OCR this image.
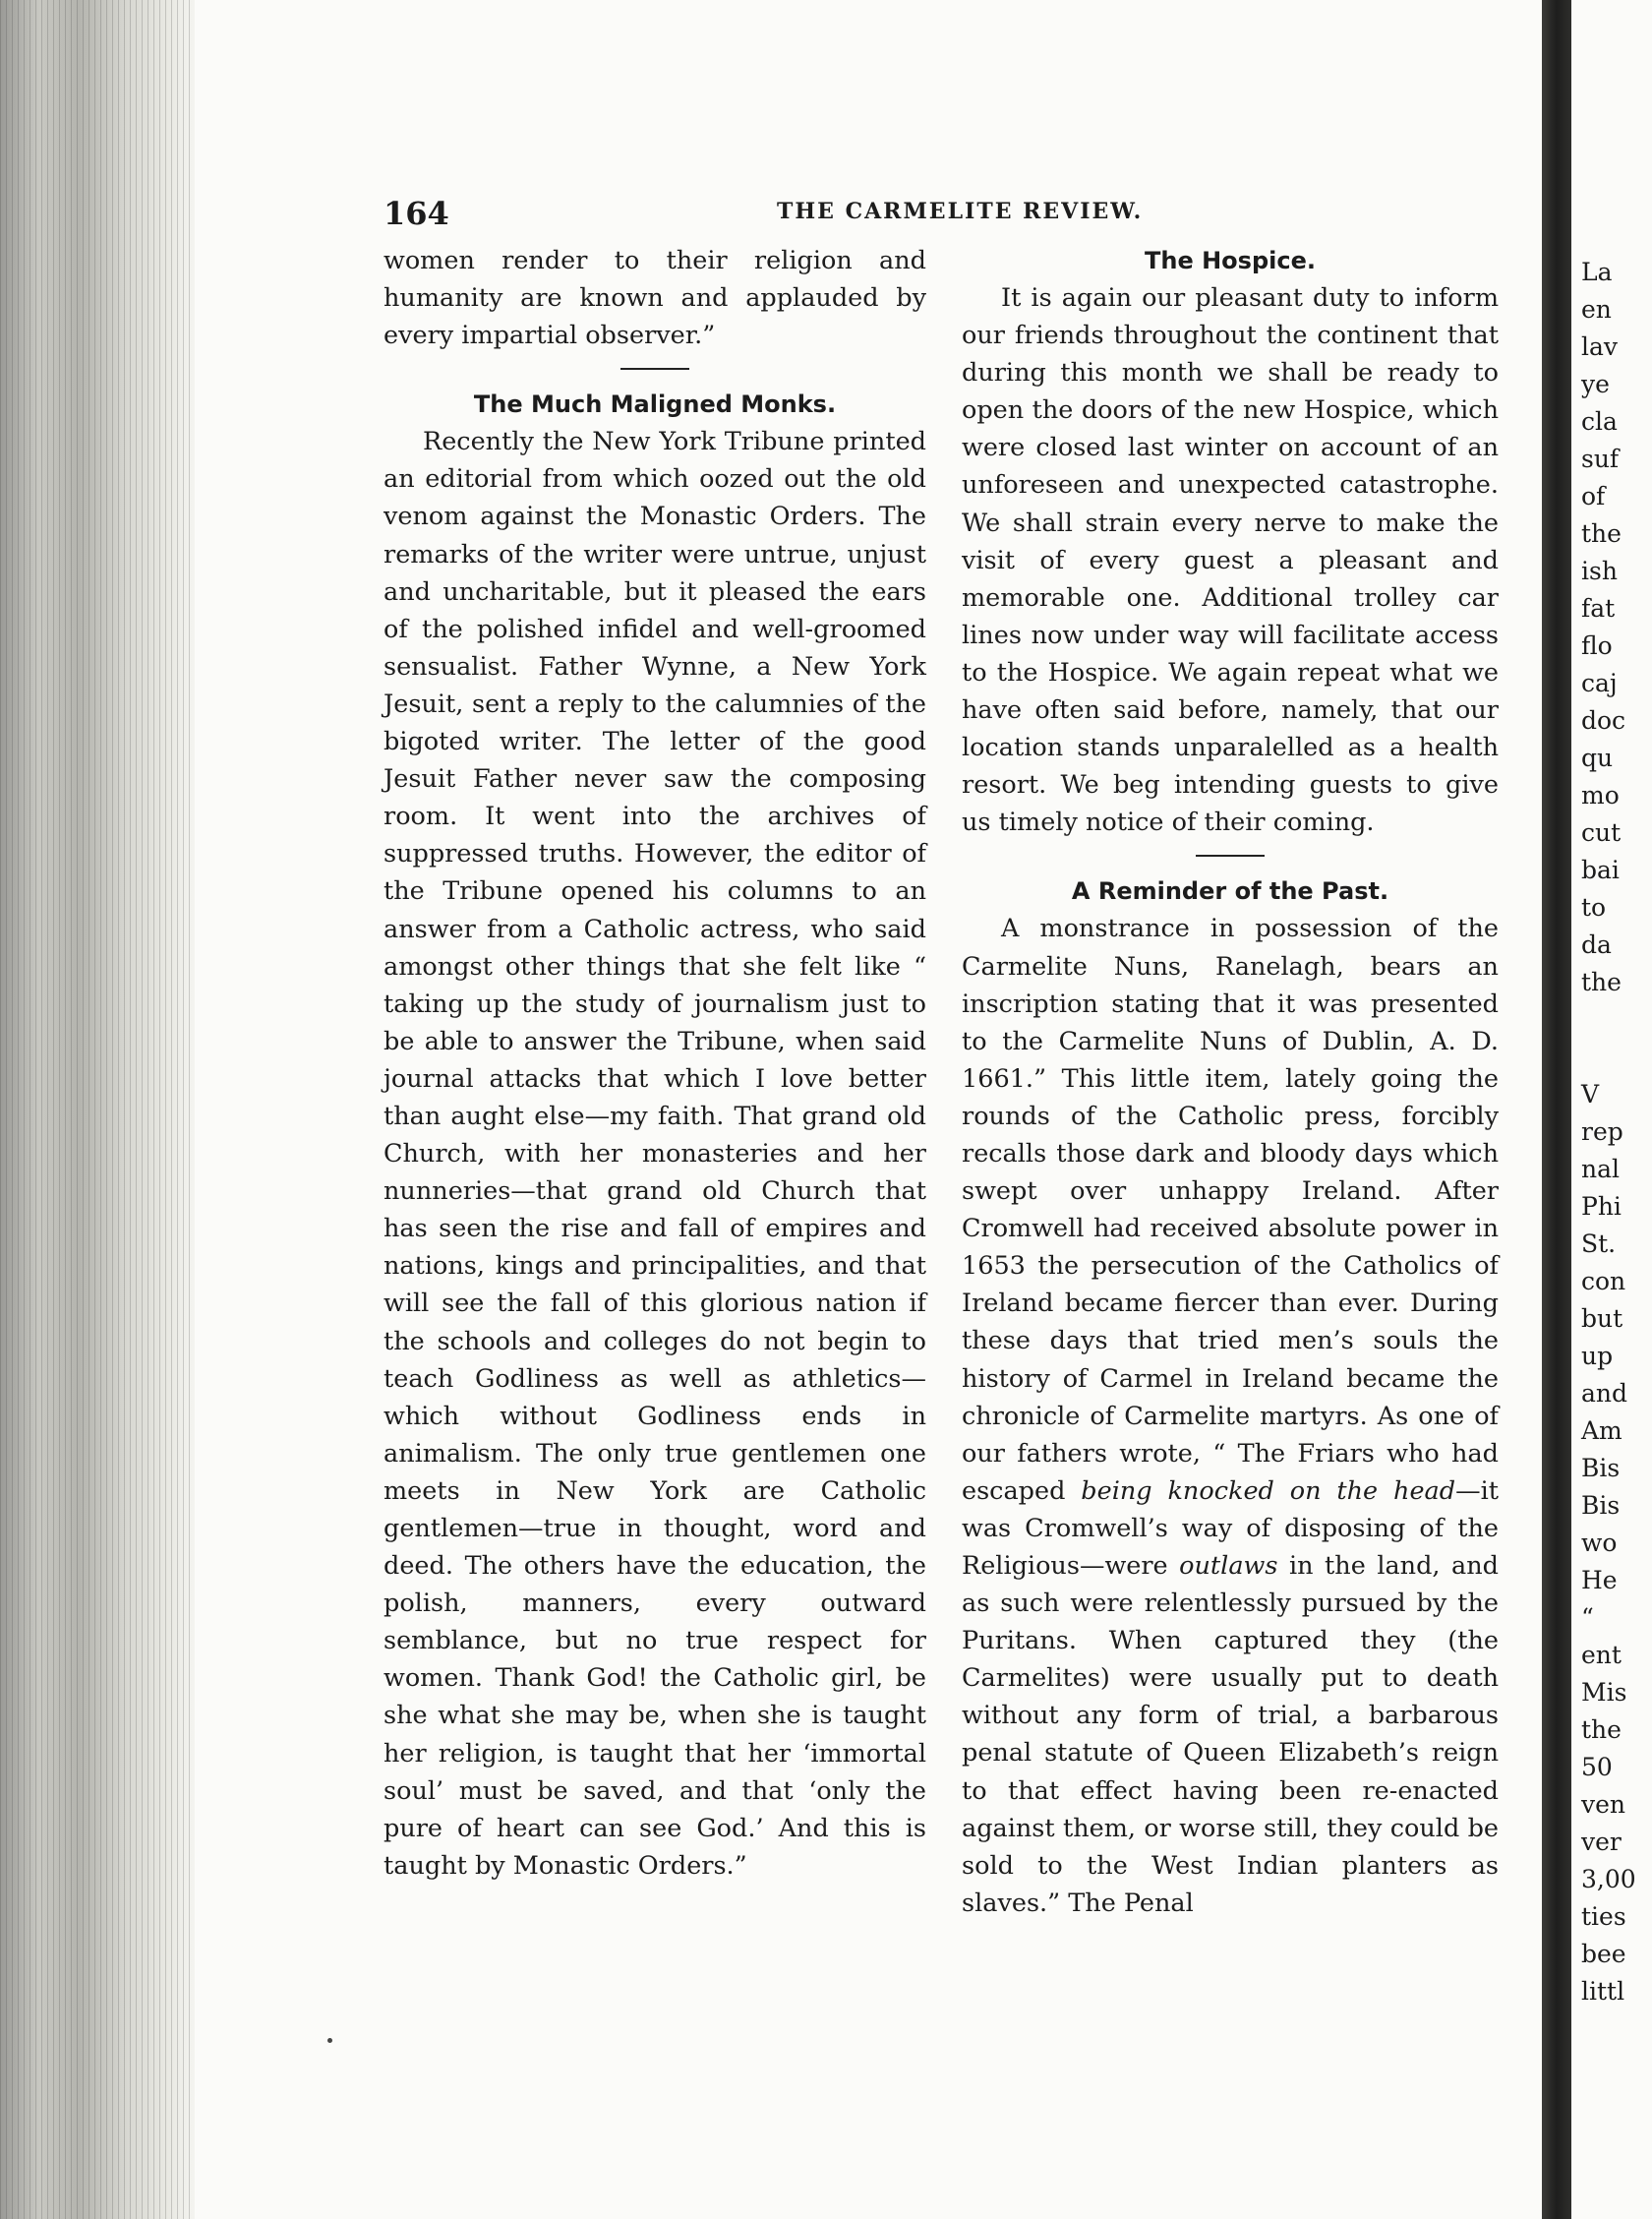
La
en
lav
ye
cla
suf
of
the
ish
fat
flo
caj
doc
qu
mo
cut
bai
to
da
the
V
rep
nal
Phi
St.
con
but
up
and
Am
Bis
Bis
wo
He
“
ent
Mis
the
50
ven
ver
3,00
ties
bee
littl
164	THE CARMELITE REVIEW.

women render to their religion and humanity are known and applauded by every impartial observer.”

The Much Maligned Monks.

Recently the New York Tribune printed an editorial from which oozed out the old venom against the Monastic Orders. The remarks of the writer were untrue, unjust and uncharitable, but it pleased the ears of the polished infidel and well-groomed sensualist. Father Wynne, a New York Jesuit, sent a reply to the calumnies of the bigoted writer. The letter of the good Jesuit Father never saw the composing room. It went into the archives of suppressed truths. However, the editor of the Tribune opened his columns to an answer from a Catholic actress, who said amongst other things that she felt like “ taking up the study of journalism just to be able to answer the Tribune, when said journal attacks that which I love better than aught else—my faith. That grand old Church, with her monasteries and her nunneries—that grand old Church that has seen the rise and fall of empires and nations, kings and principalities, and that will see the fall of this glorious nation if the schools and colleges do not begin to teach Godliness as well as athletics—which without Godliness ends in animalism. The only true gentlemen one meets in New York are Catholic gentlemen—true in thought, word and deed. The others have the education, the polish, manners, every outward semblance, but no true respect for women. Thank God! the Catholic girl, be she what she may be, when she is taught her religion, is taught that her ‘immortal soul’ must be saved, and that ‘only the pure of heart can see God.’ And this is taught by Monastic Orders.”

The Hospice.

It is again our pleasant duty to inform our friends throughout the continent that during this month we shall be ready to open the doors of the new Hospice, which were closed last winter on account of an unforeseen and unexpected catastrophe. We shall strain every nerve to make the visit of every guest a pleasant and memorable one. Additional trolley car lines now under way will facilitate access to the Hospice. We again repeat what we have often said before, namely, that our location stands unparalelled as a health resort. We beg intending guests to give us timely notice of their coming.

A Reminder of the Past.

A monstrance in possession of the Carmelite Nuns, Ranelagh, bears an inscription stating that it was presented to the Carmelite Nuns of Dublin, A. D. 1661.” This little item, lately going the rounds of the Catholic press, forcibly recalls those dark and bloody days which swept over unhappy Ireland. After Cromwell had received absolute power in 1653 the persecution of the Catholics of Ireland became fiercer than ever. During these days that tried men’s souls the history of Carmel in Ireland became the chronicle of Carmelite martyrs. As one of our fathers wrote, “ The Friars who had escaped being knocked on the head—it was Cromwell’s way of disposing of the Religious—were outlaws in the land, and as such were relentlessly pursued by the Puritans. When captured they (the Carmelites) were usually put to death without any form of trial, a barbarous penal statute of Queen Elizabeth’s reign to that effect having been re-enacted against them, or worse still, they could be sold to the West Indian planters as slaves.” The Penal
